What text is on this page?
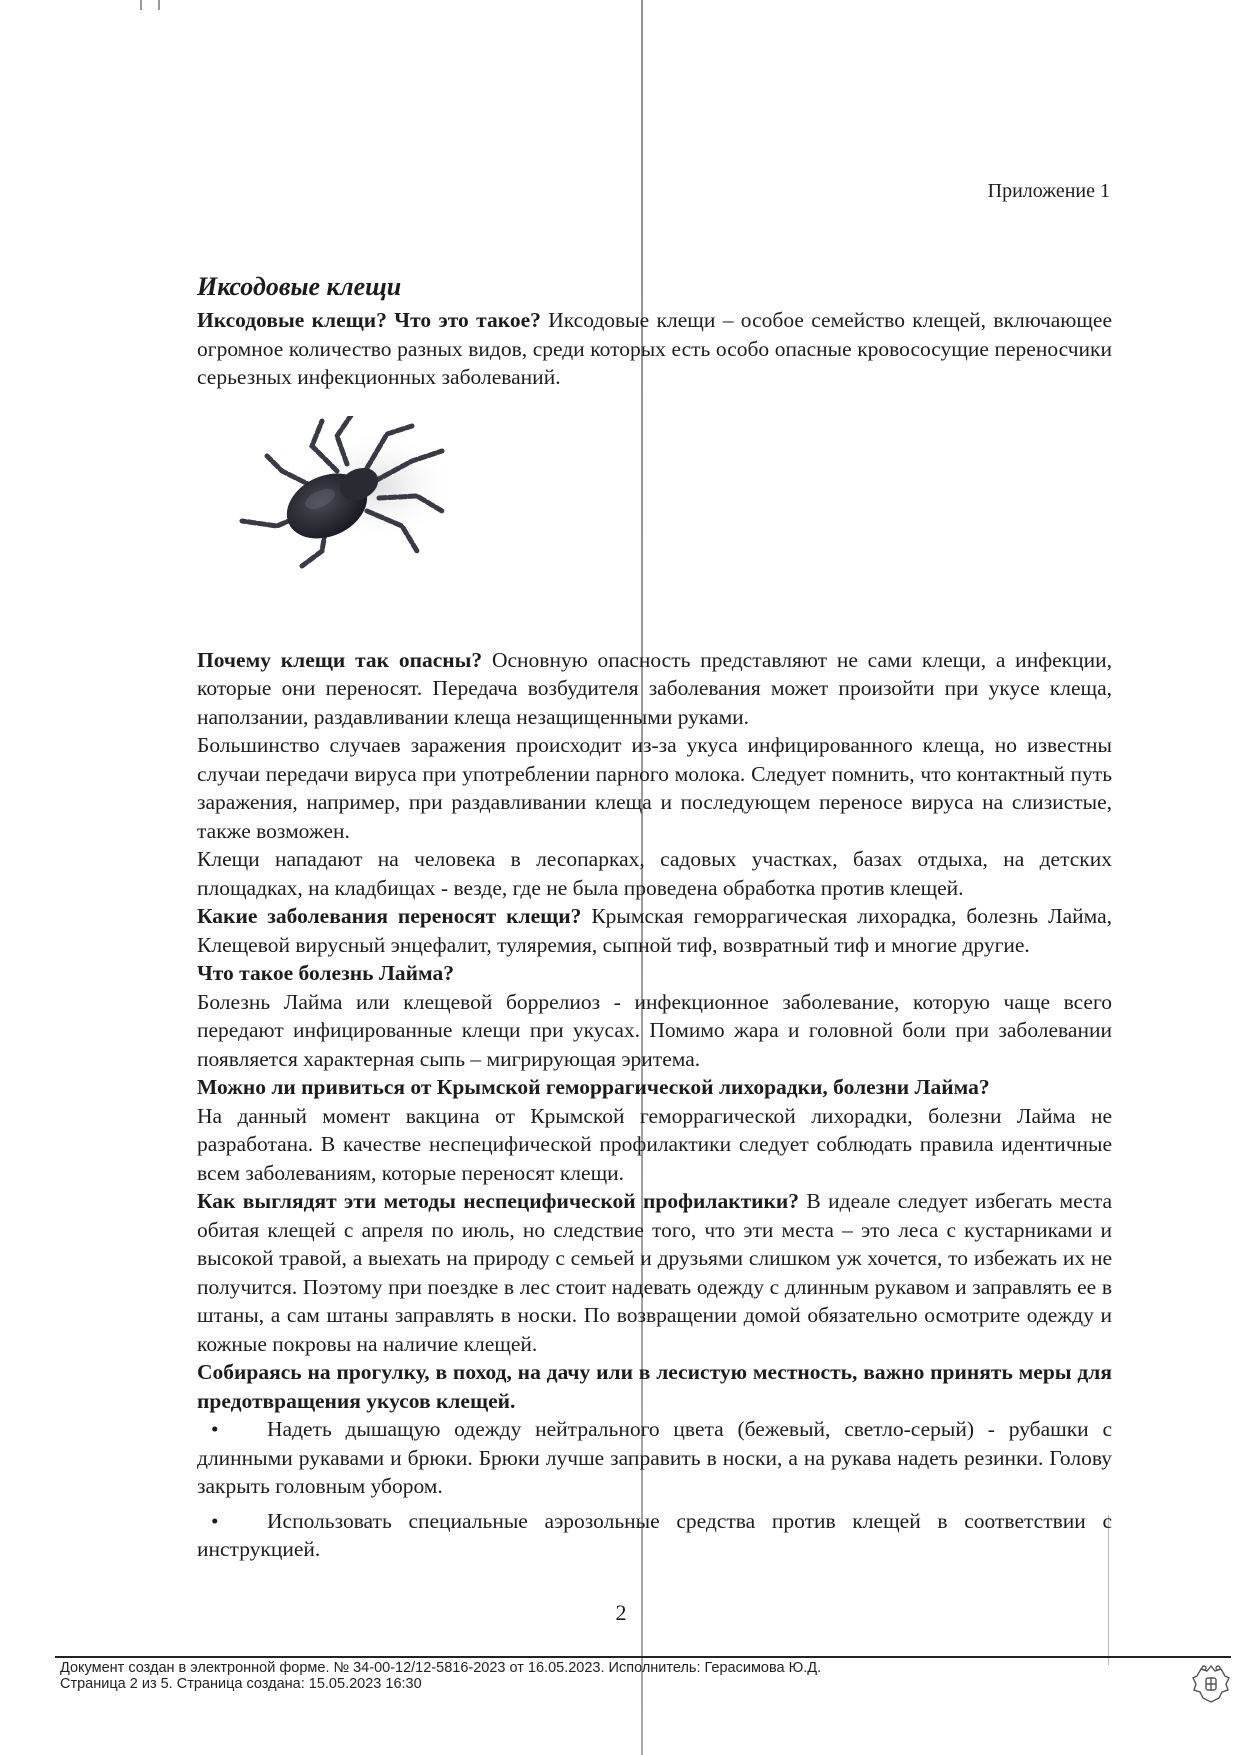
Приложение 1
Иксодовые клещи

Иксодовые клещи? Что это такое? Иксодовые клещи – особое семейство клещей, включающее огромное количество разных видов, среди которых есть особо опасные кровососущие переносчики серьезных инфекционных заболеваний.

Почему клещи так опасны? Основную опасность представляют не сами клещи, а инфекции, которые они переносят. Передача возбудителя заболевания может произойти при укусе клеща, наползании, раздавливании клеща незащищенными руками.

Большинство случаев заражения происходит из-за укуса инфицированного клеща, но известны случаи передачи вируса при употреблении парного молока. Следует помнить, что контактный путь заражения, например, при раздавливании клеща и последующем переносе вируса на слизистые, также возможен.

Клещи нападают на человека в лесопарках, садовых участках, базах отдыха, на детских площадках, на кладбищах - везде, где не была проведена обработка против клещей.

Какие заболевания переносят клещи? Крымская геморрагическая лихорадка, болезнь Лайма, Клещевой вирусный энцефалит, туляремия, сыпной тиф, возвратный тиф и многие другие.

Что такое болезнь Лайма?

Болезнь Лайма или клещевой боррелиоз - инфекционное заболевание, которую чаще всего передают инфицированные клещи при укусах. Помимо жара и головной боли при заболевании появляется характерная сыпь – мигрирующая эритема.

Можно ли привиться от Крымской геморрагической лихорадки, болезни Лайма?

На данный момент вакцина от Крымской геморрагической лихорадки, болезни Лайма не разработана. В качестве неспецифической профилактики следует соблюдать правила идентичные всем заболеваниям, которые переносят клещи.

Как выглядят эти методы неспецифической профилактики? В идеале следует избегать места обитая клещей с апреля по июль, но следствие того, что эти места – это леса с кустарниками и высокой травой, а выехать на природу с семьей и друзьями слишком уж хочется, то избежать их не получится. Поэтому при поездке в лес стоит надевать одежду с длинным рукавом и заправлять ее в штаны, а сам штаны заправлять в носки. По возвращении домой обязательно осмотрите одежду и кожные покровы на наличие клещей.

Собираясь на прогулку, в поход, на дачу или в лесистую местность, важно принять меры для предотвращения укусов клещей.

• Надеть дышащую одежду нейтрального цвета (бежевый, светло-серый) - рубашки с длинными рукавами и брюки. Брюки лучше заправить в носки, а на рукава надеть резинки. Голову закрыть головным убором.

• Использовать специальные аэрозольные средства против клещей в соответствии с инструкцией.

2
Документ создан в электронной форме. № 34-00-12/12-5816-2023 от 16.05.2023. Исполнитель: Герасимова Ю.Д.
Страница 2 из 5. Страница создана: 15.05.2023 16:30
